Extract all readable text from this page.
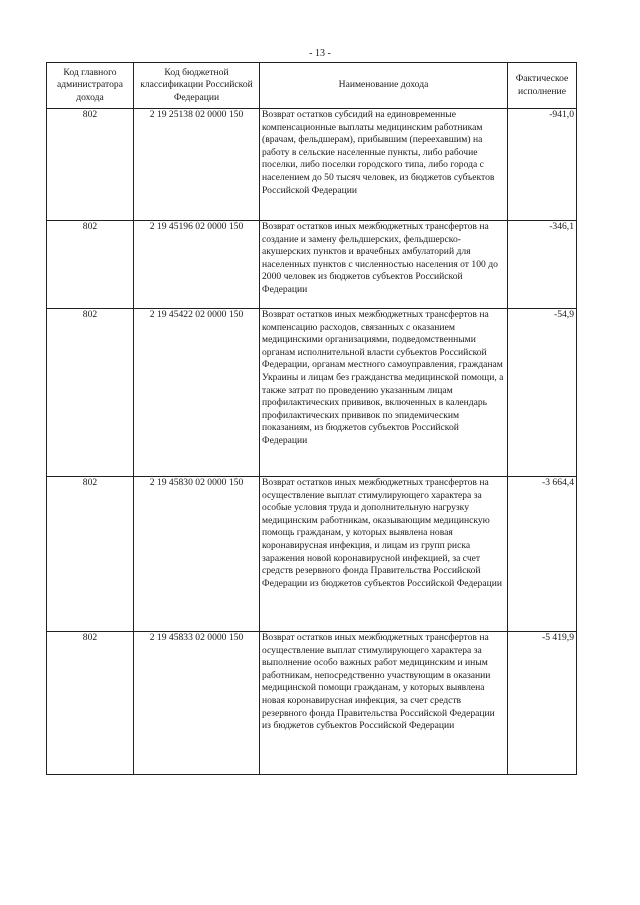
- 13 -
Код главного администратора дохода	Код бюджетной классификации Российской Федерации	Наименование дохода	Фактическое исполнение
802	2 19 25138 02 0000 150	Возврат остатков субсидий на единовременные компенсационные выплаты медицинским работникам (врачам, фельдшерам), прибывшим (переехавшим) на работу в сельские населенные пункты, либо рабочие поселки, либо поселки городского типа, либо города с населением до 50 тысяч человек, из бюджетов субъектов Российской Федерации	-941,0
802	2 19 45196 02 0000 150	Возврат остатков иных межбюджетных трансфертов на создание и замену фельдшерских, фельдшерско-акушерских пунктов и врачебных амбулаторий для населенных пунктов с численностью населения от 100 до 2000 человек из бюджетов субъектов Российской Федерации	-346,1
802	2 19 45422 02 0000 150	Возврат остатков иных межбюджетных трансфертов на компенсацию расходов, связанных с оказанием медицинскими организациями, подведомственными органам исполнительной власти субъектов Российской Федерации, органам местного самоуправления, гражданам Украины и лицам без гражданства медицинской помощи, а также затрат по проведению указанным лицам профилактических прививок, включенных в календарь профилактических прививок по эпидемическим показаниям, из бюджетов субъектов Российской Федерации	-54,9
802	2 19 45830 02 0000 150	Возврат остатков иных межбюджетных трансфертов на осуществление выплат стимулирующего характера за особые условия труда и дополнительную нагрузку медицинским работникам, оказывающим медицинскую помощь гражданам, у которых выявлена новая коронавирусная инфекция, и лицам из групп риска заражения новой коронавирусной инфекцией, за счет средств резервного фонда Правительства Российской Федерации из бюджетов субъектов Российской Федерации	-3 664,4
802	2 19 45833 02 0000 150	Возврат остатков иных межбюджетных трансфертов на осуществление выплат стимулирующего характера за выполнение особо важных работ медицинским и иным работникам, непосредственно участвующим в оказании медицинской помощи гражданам, у которых выявлена новая коронавирусная инфекция, за счет средств резервного фонда Правительства Российской Федерации из бюджетов субъектов Российской Федерации	-5 419,9
